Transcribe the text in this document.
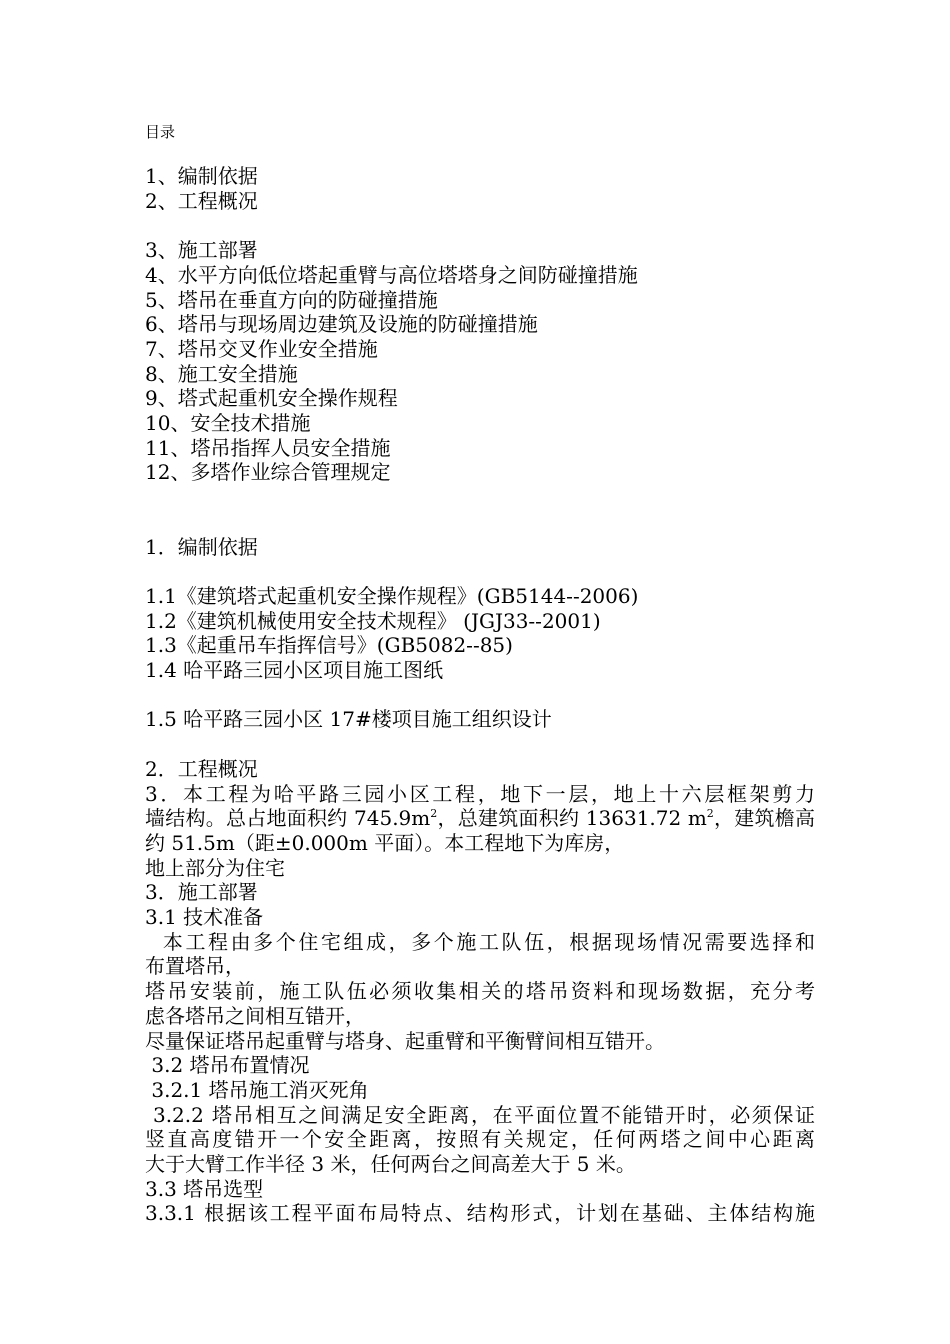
目录
1、编制依据
2、工程概况
3、施工部署
4、水平方向低位塔起重臂与高位塔塔身之间防碰撞措施
5、塔吊在垂直方向的防碰撞措施
6、塔吊与现场周边建筑及设施的防碰撞措施
7、塔吊交叉作业安全措施
8、施工安全措施
9、塔式起重机安全操作规程
10、安全技术措施
11、塔吊指挥人员安全措施
12、多塔作业综合管理规定
1．编制依据
1.1《建筑塔式起重机安全操作规程》(GB5144--2006)
1.2《建筑机械使用安全技术规程》 (JGJ33--2001)
1.3《起重吊车指挥信号》(GB5082--85)
1.4 哈平路三园小区项目施工图纸
1.5 哈平路三园小区 17#楼项目施工组织设计
2．工程概况
3．本工程为哈平路三园小区工程，地下一层，地上十六层框架剪力
墙结构。总占地面积约 $745.9m^2$，总建筑面积约 13631.72 $m^2$，建筑檐高
约 51.5m（距±0.000m 平面）。本工程地下为库房，
地上部分为住宅
3．施工部署
3.1 技术准备
本工程由多个住宅组成，多个施工队伍，根据现场情况需要选择和
布置塔吊，
塔吊安装前，施工队伍必须收集相关的塔吊资料和现场数据，充分考
虑各塔吊之间相互错开，
尽量保证塔吊起重臂与塔身、起重臂和平衡臂间相互错开。
3.2 塔吊布置情况
3.2.1 塔吊施工消灭死角
3.2.2 塔吊相互之间满足安全距离，在平面位置不能错开时，必须保证
竖直高度错开一个安全距离，按照有关规定，任何两塔之间中心距离
大于大臂工作半径 3 米，任何两台之间高差大于 5 米。
3.3 塔吊选型
3.3.1 根据该工程平面布局特点、结构形式，计划在基础、主体结构施
